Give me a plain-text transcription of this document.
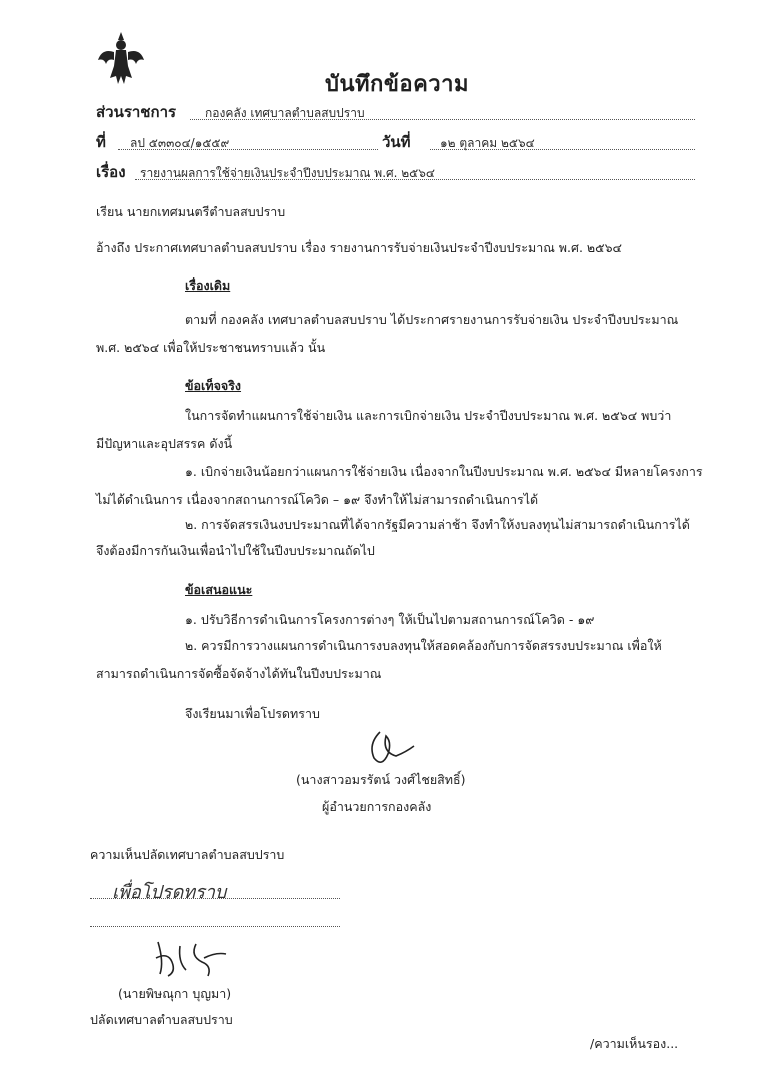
บันทึกข้อความ
ส่วนราชการ กองคลัง เทศบาลตำบลสบปราบ
ที่ ลป ๕๓๓๐๔/๑๕๕๙	วันที่ ๑๒ ตุลาคม ๒๕๖๔
เรื่อง รายงานผลการใช้จ่ายเงินประจำปีงบประมาณ พ.ศ. ๒๕๖๔
เรียน นายกเทศมนตรีตำบลสบปราบ
อ้างถึง ประกาศเทศบาลตำบลสบปราบ เรื่อง รายงานการรับจ่ายเงินประจำปีงบประมาณ พ.ศ. ๒๕๖๔
เรื่องเดิม
ตามที่ กองคลัง เทศบาลตำบลสบปราบ ได้ประกาศรายงานการรับจ่ายเงิน ประจำปีงบประมาณ
พ.ศ. ๒๕๖๔ เพื่อให้ประชาชนทราบแล้ว นั้น
ข้อเท็จจริง
ในการจัดทำแผนการใช้จ่ายเงิน และการเบิกจ่ายเงิน ประจำปีงบประมาณ พ.ศ. ๒๕๖๔ พบว่า
มีปัญหาและอุปสรรค ดังนี้
๑. เบิกจ่ายเงินน้อยกว่าแผนการใช้จ่ายเงิน เนื่องจากในปีงบประมาณ พ.ศ. ๒๕๖๔ มีหลายโครงการ
ไม่ได้ดำเนินการ เนื่องจากสถานการณ์โควิด – ๑๙ จึงทำให้ไม่สามารถดำเนินการได้
๒. การจัดสรรเงินงบประมาณที่ได้จากรัฐมีความล่าช้า จึงทำให้งบลงทุนไม่สามารถดำเนินการได้
จึงต้องมีการกันเงินเพื่อนำไปใช้ในปีงบประมาณถัดไป
ข้อเสนอแนะ
๑. ปรับวิธีการดำเนินการโครงการต่างๆ ให้เป็นไปตามสถานการณ์โควิด - ๑๙
๒. ควรมีการวางแผนการดำเนินการงบลงทุนให้สอดคล้องกับการจัดสรรงบประมาณ เพื่อให้
สามารถดำเนินการจัดซื้อจัดจ้างได้ทันในปีงบประมาณ
จึงเรียนมาเพื่อโปรดทราบ
(นางสาวอมรรัตน์ วงศ์ไชยสิทธิ์)
ผู้อำนวยการกองคลัง
ความเห็นปลัดเทศบาลตำบลสบปราบ
เพื่อโปรดทราบ
(นายพิษณุกา บุญมา)
ปลัดเทศบาลตำบลสบปราบ
/ความเห็นรอง...
